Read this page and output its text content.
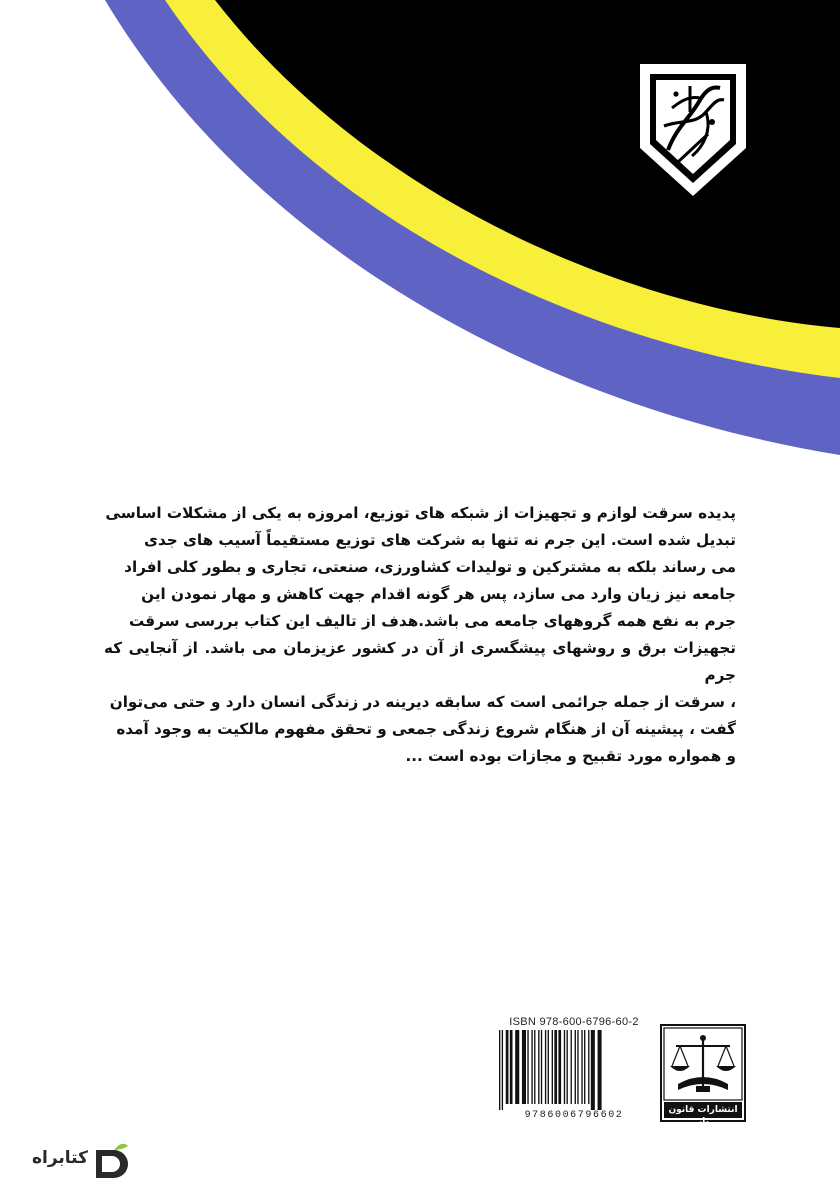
پدیده سرقت لوازم و تجهیزات از شبکه های توزیع، امروزه به یکی از مشکلات اساسی
تبدیل شده است. این جرم نه تنها به شرکت های توزیع مستقیماً آسیب های جدی
می رساند بلکه به مشترکین و تولیدات کشاورزی، صنعتی، تجاری و بطور کلی افراد
جامعه نیز زیان وارد می سازد، پس هر گونه اقدام جهت کاهش و مهار نمودن این
جرم به نفع همه گروههای جامعه می باشد.هدف از تالیف این کتاب بررسی سرقت
تجهیزات برق و روشهای پیشگسری از آن در کشور عزیزمان می باشد. از آنجایی که جرم
، سرقت از جمله جرائمی است که سابقه دیرینه در زندگی انسان دارد و حتی می‌توان
گفت ، پیشینه آن از هنگام شروع زندگی جمعی و تحقق مفهوم مالکیت به وجود آمده
و همواره مورد تقبیح و مجازات بوده است ...
ISBN 978-600-6796-60-2
9786006796602	انتشارات قانون یار
کتابراه
